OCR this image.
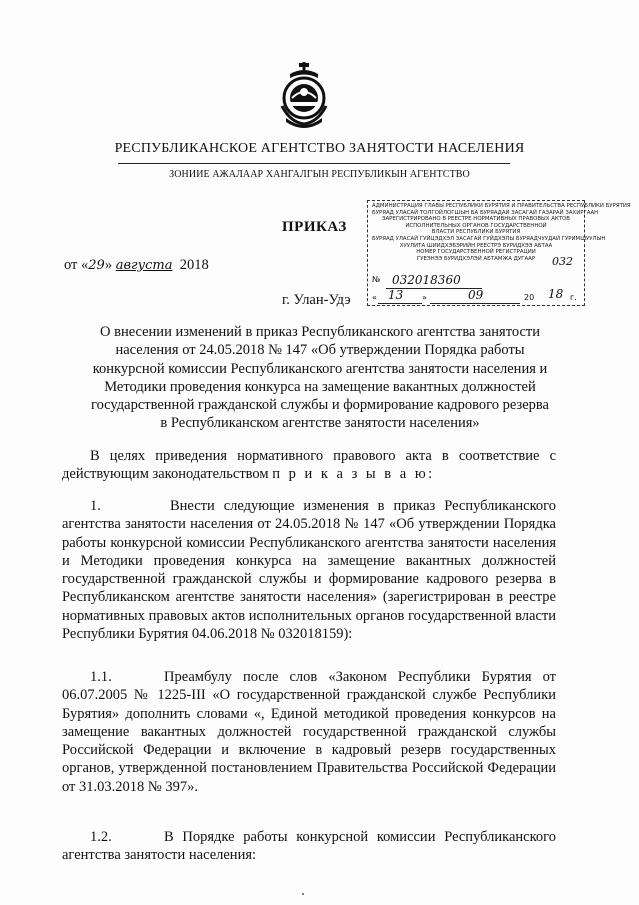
РЕСПУБЛИКАНСКОЕ АГЕНТСТВО ЗАНЯТОСТИ НАСЕЛЕНИЯ
ЗОНИИЕ АЖАЛААР ХАНГАЛГЫН РЕСПУБЛИКЫН АГЕНТСТВО
ПРИКАЗ
от «29» августа  2018
г. Улан-Удэ
АДМИНИСТРАЦИЯ ГЛАВЫ РЕСПУБЛИКИ БУРЯТИЯ И ПРАВИТЕЛЬСТВА РЕСПУБЛИКИ БУРЯТИЯ
БУРЯАД УЛАСАЙ ТОЛГОЙЛОГШЫН БА БУРЯАДАЙ ЗАСАГАЙ ГАЗАРАЙ ЗАХИРГААН
ЗАРЕГИСТРИРОВАНО В РЕЕСТРЕ НОРМАТИВНЫХ ПРАВОВЫХ АКТОВ
ИСПОЛНИТЕЛЬНЫХ ОРГАНОВ ГОСУДАРСТВЕННОЙ
ВЛАСТИ РЕСПУБЛИКИ БУРЯТИЯ
БУРЯАД УЛАСАЙ ГУЙЦЭДХЭЛ ЗАСАГАЙ ГУЙДХЭЛЫ БУРЯАДЧУУДАЙ ГУРИМШУУЛЫН
ХУУЛИТА ШИИДХЭБЭРИЙН РЕЕСТРЭ БУРИДХЭЭ АБТАА
НОМЕР ГОСУДАРСТВЕННОЙ РЕГИСТРАЦИИ
ГУЕЭНЭЭ БУРИДХЭЛЭЙ АБТАМЖА ДУГААР	032
№ 032018360
« 13 »	09	20 18 г.
О внесении изменений в приказ Республиканского агентства занятости населения от 24.05.2018 № 147 «Об утверждении Порядка работы конкурсной комиссии Республиканского агентства занятости населения и Методики проведения конкурса на замещение вакантных должностей государственной гражданской службы и формирование кадрового резерва в Республиканском агентстве занятости населения»
В целях приведения нормативного правового акта в соответствие с действующим законодательством п р и к а з ы в а ю:
1.	Внести следующие изменения в приказ Республиканского агентства занятости населения от 24.05.2018 № 147 «Об утверждении Порядка работы конкурсной комиссии Республиканского агентства занятости населения и Методики проведения конкурса на замещение вакантных должностей государственной гражданской службы и формирование кадрового резерва в Республиканском агентстве занятости населения» (зарегистрирован в реестре нормативных правовых актов исполнительных органов государственной власти Республики Бурятия 04.06.2018 № 032018159):
1.1.	Преамбулу после слов «Законом Республики Бурятия от 06.07.2005 № 1225-III «О государственной гражданской службе Республики Бурятия» дополнить словами «, Единой методикой проведения конкурсов на замещение вакантных должностей государственной гражданской службы Российской Федерации и включение в кадровый резерв государственных органов, утвержденной постановлением Правительства Российской Федерации от 31.03.2018 № 397».
1.2.	В Порядке работы конкурсной комиссии Республиканского агентства занятости населения:
